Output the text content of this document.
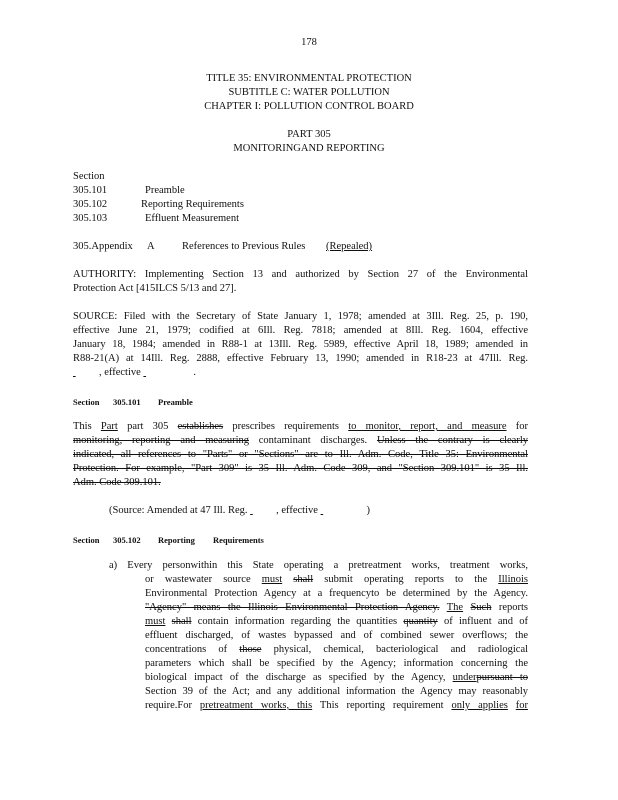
178
TITLE 35: ENVIRONMENTAL PROTECTION
SUBTITLE C: WATER POLLUTION
CHAPTER I: POLLUTION CONTROL BOARD
PART 305
MONITORINGAND REPORTING
Section
305.101	Preamble
305.102	Reporting Requirements
305.103	Effluent Measurement
305.Appendix A	References to Previous Rules (Repealed)
AUTHORITY: Implementing Section 13 and authorized by Section 27 of the Environmental
Protection Act [415ILCS 5/13 and 27].
SOURCE: Filed with the Secretary of State January 1, 1978; amended at 3Ill. Reg. 25, p. 190,
effective June 21, 1979; codified at 6Ill. Reg. 7818; amended at 8Ill. Reg. 1604, effective
January 18, 1984; amended in R88-1 at 13Ill. Reg. 5989, effective April 18, 1989; amended in
R88-21(A) at 14Ill. Reg. 2888, effective February 13, 1990; amended in R18-23 at 47Ill. Reg.
, effective	.
Section 305.101 Preamble
This Part part 305 establishes prescribes requirements to monitor, report, and measure for
monitoring, reporting and measuring contaminant discharges. Unless the contrary is clearly
indicated, all references to "Parts" or "Sections" are to Ill. Adm. Code, Title 35: Environmental
Protection. For example, "Part 309" is 35 Ill. Adm. Code 309, and "Section 309.101" is 35 Ill.
Adm. Code 309.101.
(Source: Amended at 47 Ill. Reg.	, effective	)
Section 305.102 Reporting Requirements
a) Every personwithin this State operating a pretreatment works, treatment works,
or wastewater source must shall submit operating reports to the Illinois
Environmental Protection Agency at a frequencyto be determined by the Agency.
"Agency" means the Illinois Environmental Protection Agency. The Such reports
must shall contain information regarding the quantities quantity of influent and of
effluent discharged, of wastes bypassed and of combined sewer overflows; the
concentrations of those physical, chemical, bacteriological and radiological
parameters which shall be specified by the Agency; information concerning the
biological impact of the discharge as specified by the Agency, underpursuant to
Section 39 of the Act; and any additional information the Agency may reasonably
require.For pretreatment works, this This reporting requirement only applies for
